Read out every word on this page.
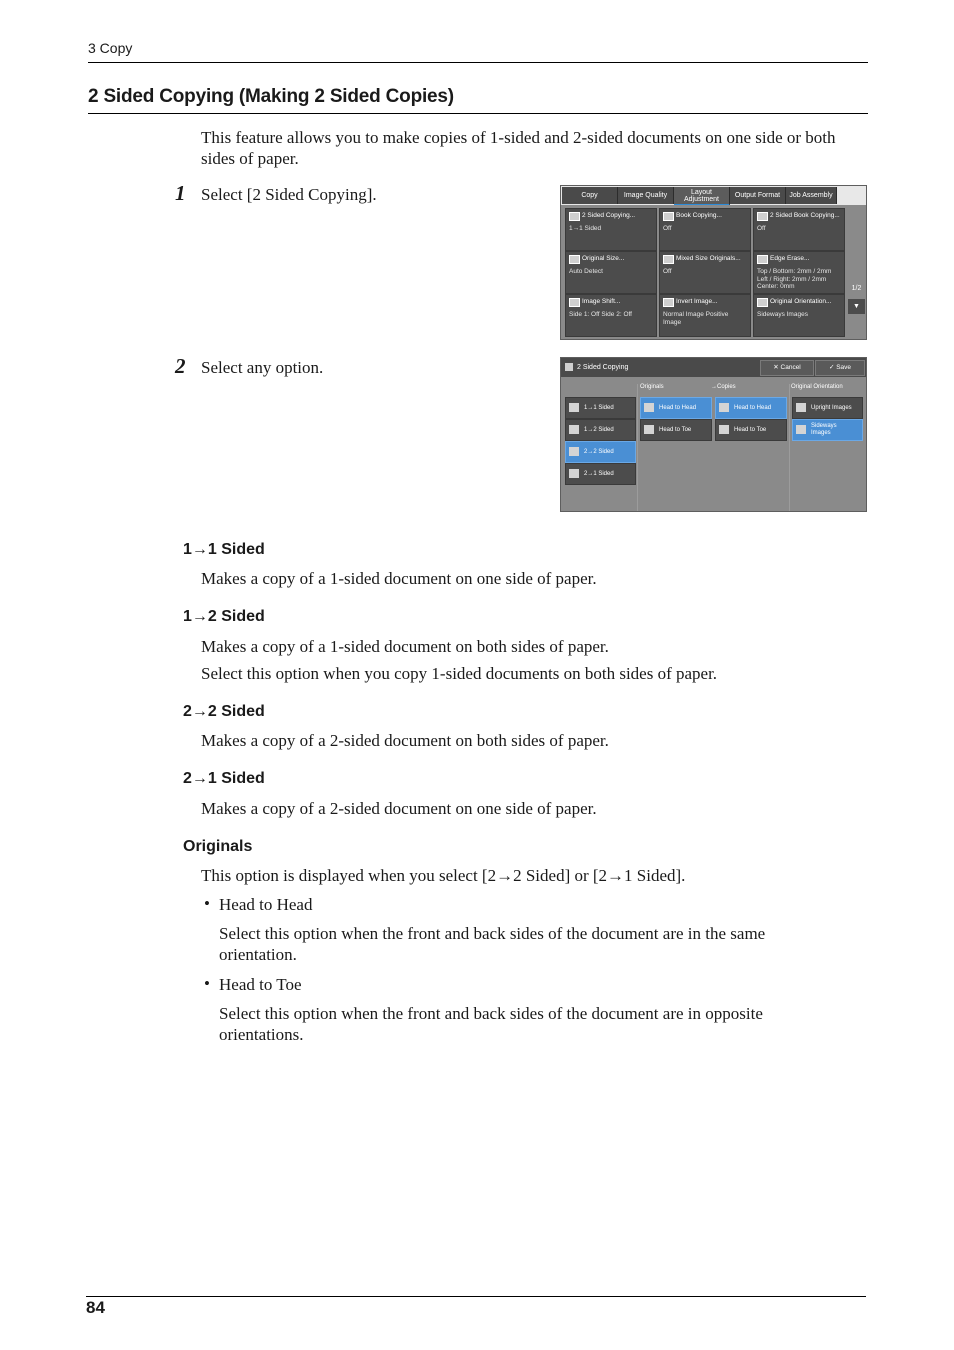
3 Copy
2 Sided Copying (Making 2 Sided Copies)
This feature allows you to make copies of 1-sided and 2-sided documents on one side or both sides of paper.
1 Select [2 Sided Copying].	Copy	Image Quality	Layout Adjustment	Output Format	Job Assembly
2 Sided Copying...
1→1 Sided
Book Copying...
Off
2 Sided Book Copying...
Off
Original Size...
Auto Detect
Mixed Size Originals...
Off
Edge Erase...
Top / Bottom: 2mm / 2mm Left / Right: 2mm / 2mm Center: 0mm
Image Shift...
Side 1: Off Side 2: Off
Invert Image...
Normal Image Positive Image
Original Orientation...
Sideways Images
1/2
▼
2 Select any option.	2 Sided Copying	✕ Cancel	✓ Save
Originals	→Copies	Original Orientation
1→1 Sided
1→2 Sided
2→2 Sided
2→1 Sided
Head to Head
Head to Toe
Head to Head
Head to Toe
Upright Images
Sideways Images
1→1 Sided
Makes a copy of a 1-sided document on one side of paper.
1→2 Sided
Makes a copy of a 1-sided document on both sides of paper.
Select this option when you copy 1-sided documents on both sides of paper.
2→2 Sided
Makes a copy of a 2-sided document on both sides of paper.
2→1 Sided
Makes a copy of a 2-sided document on one side of paper.
Originals
This option is displayed when you select [2→2 Sided] or [2→1 Sided].
• Head to Head
Select this option when the front and back sides of the document are in the same orientation.
• Head to Toe
Select this option when the front and back sides of the document are in opposite orientations.
84
